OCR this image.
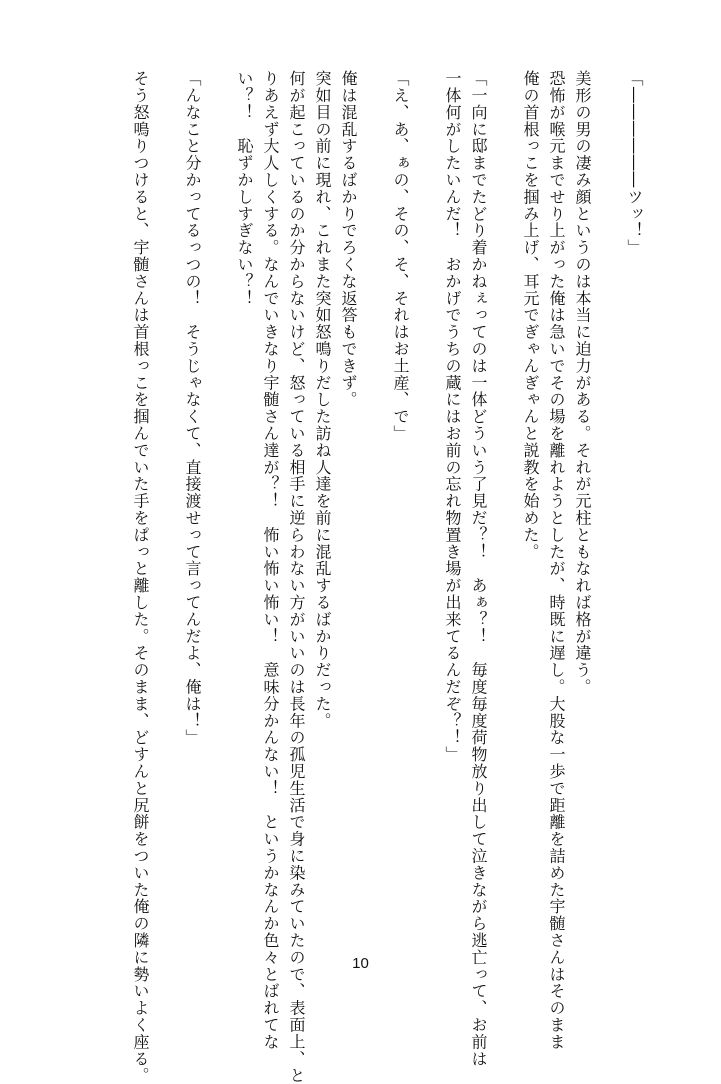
「――――――ツッ！」
美形の男の凄み顔というのは本当に迫力がある。それが元柱ともなれば格が違う。
恐怖が喉元までせり上がった俺は急いでその場を離れようとしたが、時既に遅し。大股な一歩で距離を詰めた宇髄さんはそのまま
俺の首根っこを掴み上げ、耳元でぎゃんぎゃんと説教を始めた。
「一向に邸までたどり着かねぇってのは一体どういう了見だ？！　あぁ？！　毎度毎度荷物放り出して泣きながら逃亡って、お前は
一体何がしたいんだ！　おかげでうちの蔵にはお前の忘れ物置き場が出来てるんだぞ？！」
「え、あ、ぁの、その、そ、それはお土産、で」
俺は混乱するばかりでろくな返答もできず。
突如目の前に現れ、これまた突如怒鳴りだした訪ね人達を前に混乱するばかりだった。
何が起こっているのか分からないけど、怒っている相手に逆らわない方がいいのは長年の孤児生活で身に染みていたので、表面上、と
りあえず大人しくする。なんでいきなり宇髄さん達が？！　怖い怖い怖い！　意味分かんない！　というかなんか色々とばれてな
い？！　恥ずかしすぎない？！
「んなこと分かってるっつの！　そうじゃなくて、直接渡せって言ってんだよ、俺は！」
そう怒鳴りつけると、宇髄さんは首根っこを掴んでいた手をぱっと離した。そのまま、どすんと尻餅をついた俺の隣に勢いよく座る。	10
